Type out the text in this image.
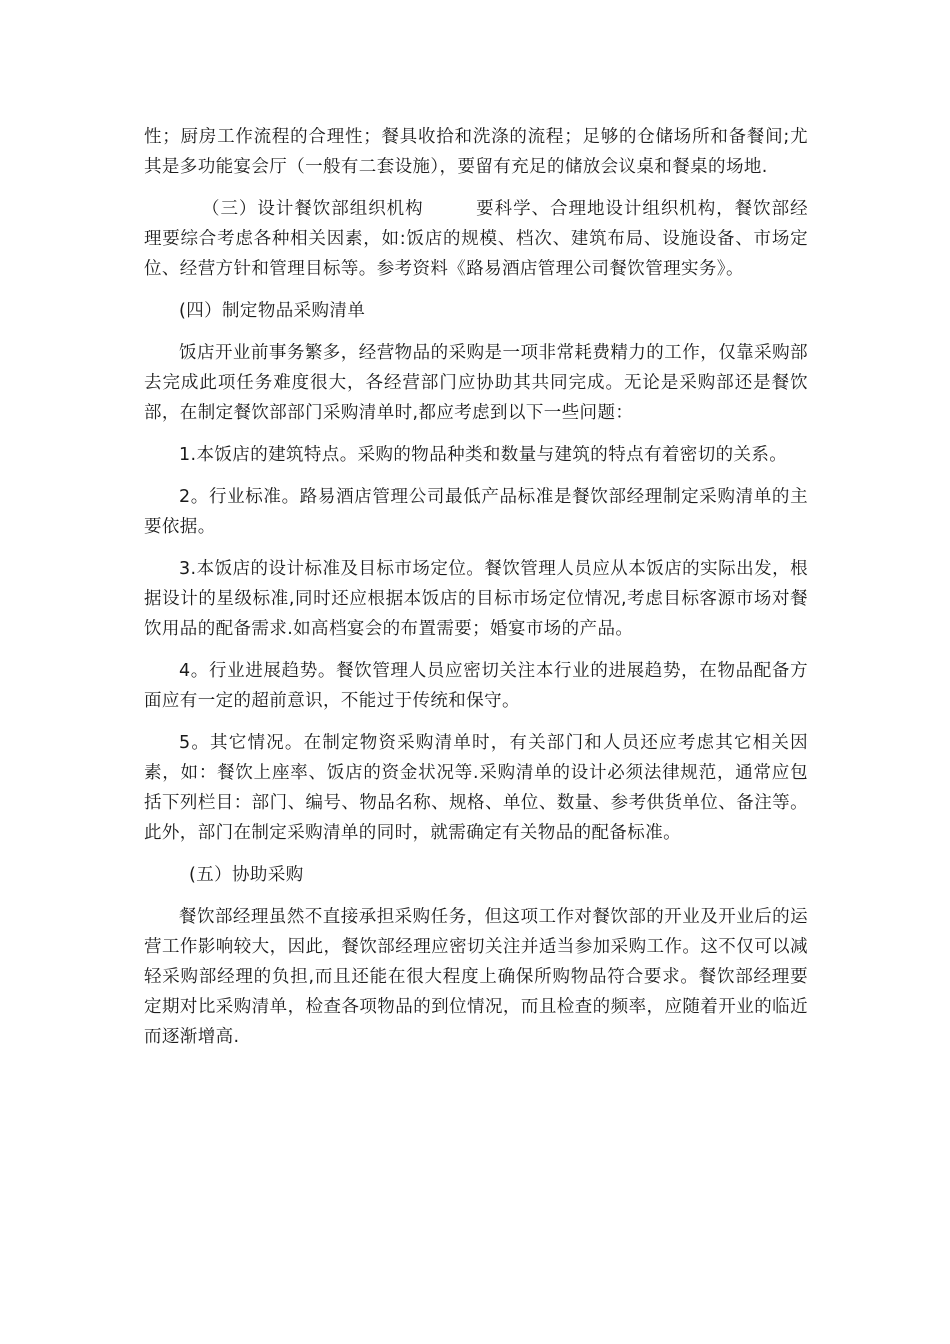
性；厨房工作流程的合理性；餐具收拾和洗涤的流程；足够的仓储场所和备餐间;尤其是多功能宴会厅（一般有二套设施），要留有充足的储放会议桌和餐桌的场地.

（三）设计餐饮部组织机构	要科学、合理地设计组织机构，餐饮部经理要综合考虑各种相关因素，如:饭店的规模、档次、建筑布局、设施设备、市场定位、经营方针和管理目标等。参考资料《路易酒店管理公司餐饮管理实务》。

(四）制定物品采购清单

饭店开业前事务繁多，经营物品的采购是一项非常耗费精力的工作，仅靠采购部去完成此项任务难度很大，各经营部门应协助其共同完成。无论是采购部还是餐饮部，在制定餐饮部部门采购清单时,都应考虑到以下一些问题：

1.本饭店的建筑特点。采购的物品种类和数量与建筑的特点有着密切的关系。

2。行业标准。路易酒店管理公司最低产品标准是餐饮部经理制定采购清单的主要依据。

3.本饭店的设计标准及目标市场定位。餐饮管理人员应从本饭店的实际出发，根据设计的星级标准,同时还应根据本饭店的目标市场定位情况,考虑目标客源市场对餐饮用品的配备需求.如高档宴会的布置需要；婚宴市场的产品。

4。行业进展趋势。餐饮管理人员应密切关注本行业的进展趋势，在物品配备方面应有一定的超前意识，不能过于传统和保守。

5。其它情况。在制定物资采购清单时，有关部门和人员还应考虑其它相关因素，如：餐饮上座率、饭店的资金状况等.采购清单的设计必须法律规范，通常应包括下列栏目：部门、编号、物品名称、规格、单位、数量、参考供货单位、备注等。此外，部门在制定采购清单的同时，就需确定有关物品的配备标准。

(五）协助采购

餐饮部经理虽然不直接承担采购任务，但这项工作对餐饮部的开业及开业后的运营工作影响较大，因此，餐饮部经理应密切关注并适当参加采购工作。这不仅可以减轻采购部经理的负担,而且还能在很大程度上确保所购物品符合要求。餐饮部经理要定期对比采购清单，检查各项物品的到位情况，而且检查的频率，应随着开业的临近而逐渐增高.
